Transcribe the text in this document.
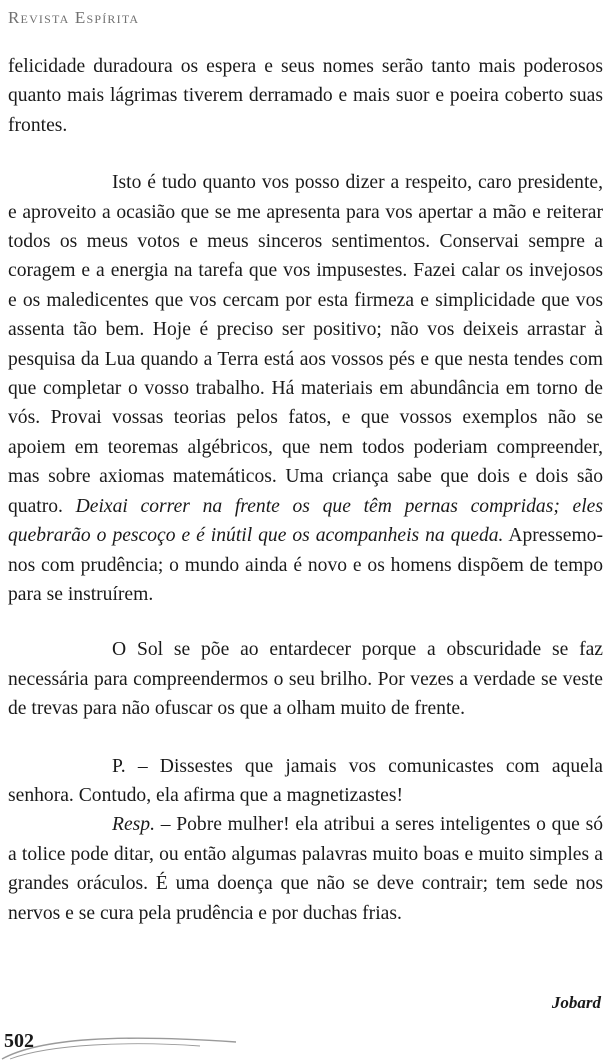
Revista Espírita

felicidade duradoura os espera e seus nomes serão tanto mais poderosos quanto mais lágrimas tiverem derramado e mais suor e poeira coberto suas frontes.

Isto é tudo quanto vos posso dizer a respeito, caro presidente, e aproveito a ocasião que se me apresenta para vos apertar a mão e reiterar todos os meus votos e meus sinceros sentimentos. Conservai sempre a coragem e a energia na tarefa que vos impusestes. Fazei calar os invejosos e os maledicentes que vos cercam por esta firmeza e simplicidade que vos assenta tão bem. Hoje é preciso ser positivo; não vos deixeis arrastar à pesquisa da Lua quando a Terra está aos vossos pés e que nesta tendes com que completar o vosso trabalho. Há materiais em abundância em torno de vós. Provai vossas teorias pelos fatos, e que vossos exemplos não se apoiem em teoremas algébricos, que nem todos poderiam compreender, mas sobre axiomas matemáticos. Uma criança sabe que dois e dois são quatro. Deixai correr na frente os que têm pernas compridas; eles quebrarão o pescoço e é inútil que os acompanheis na queda. Apressemo-nos com prudência; o mundo ainda é novo e os homens dispõem de tempo para se instruírem.

O Sol se põe ao entardecer porque a obscuridade se faz necessária para compreendermos o seu brilho. Por vezes a verdade se veste de trevas para não ofuscar os que a olham muito de frente.

P. – Dissestes que jamais vos comunicastes com aquela senhora. Contudo, ela afirma que a magnetizastes!

Resp. – Pobre mulher! ela atribui a seres inteligentes o que só a tolice pode ditar, ou então algumas palavras muito boas e muito simples a grandes oráculos. É uma doença que não se deve contrair; tem sede nos nervos e se cura pela prudência e por duchas frias.

Jobard
502
